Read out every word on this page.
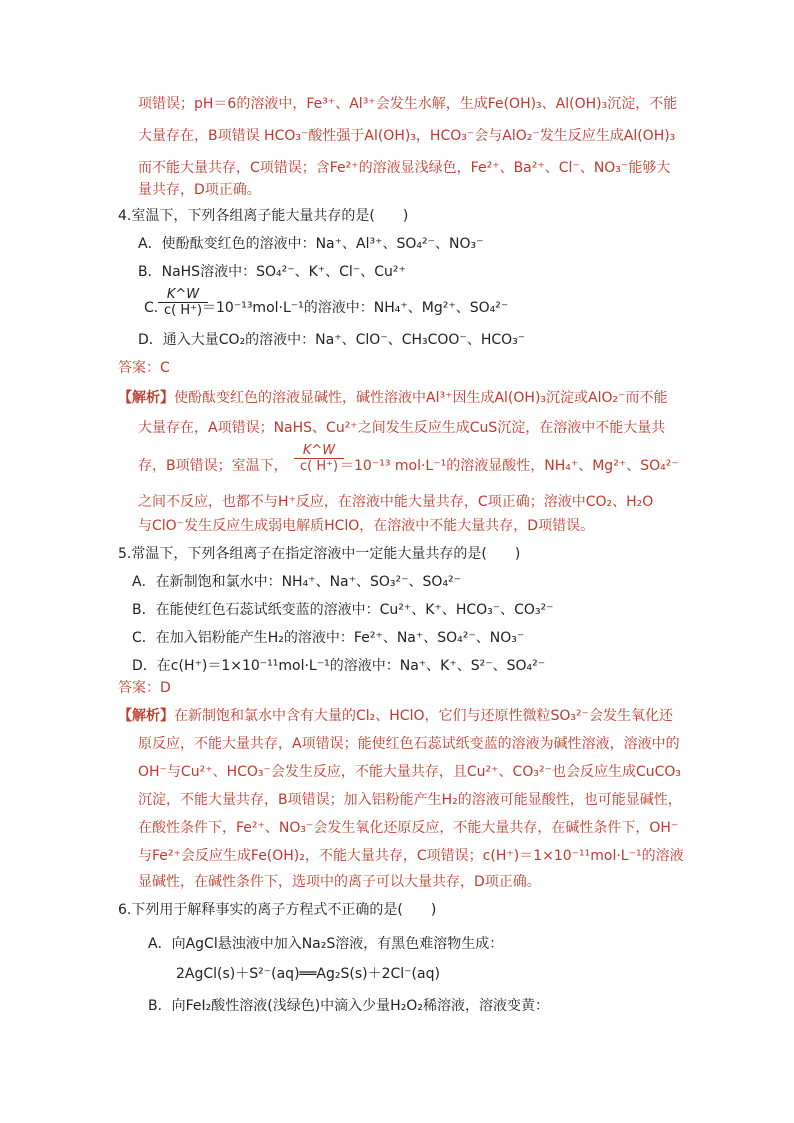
项错误；pH＝6的溶液中，Fe³⁺、Al³⁺会发生水解，生成Fe(OH)₃、Al(OH)₃沉淀，不能
大量存在，B项错误 HCO₃⁻酸性强于Al(OH)₃，HCO₃⁻会与AlO₂⁻发生反应生成Al(OH)₃
而不能大量共存，C项错误；含Fe²⁺的溶液显浅绿色，Fe²⁺、Ba²⁺、Cl⁻、NO₃⁻能够大
量共存，D项正确。
4.室温下，下列各组离子能大量共存的是(　　)
A．使酚酞变红色的溶液中：Na⁺、Al³⁺、SO₄²⁻、NO₃⁻
B．NaHS溶液中：SO₄²⁻、K⁺、Cl⁻、Cu²⁺
C. $\frac{K\^{}W}{c( H^+)}$
＝10⁻¹³mol·L⁻¹的溶液中：NH₄⁺、Mg²⁺、SO₄²⁻
D．通入大量CO₂的溶液中：Na⁺、ClO⁻、CH₃COO⁻、HCO₃⁻
答案：C
【解析】使酚酞变红色的溶液显碱性，碱性溶液中Al³⁺因生成Al(OH)₃沉淀或AlO₂⁻而不能
大量存在，A项错误；NaHS、Cu²⁺之间发生反应生成CuS沉淀，在溶液中不能大量共
存，B项错误；室温下， $\frac{K\^{}W}{c( H^+)}$
＝10⁻¹³ mol·L⁻¹的溶液显酸性，NH₄⁺、Mg²⁺、SO₄²⁻
之间不反应，也都不与H⁺反应，在溶液中能大量共存，C项正确；溶液中CO₂、H₂O
与ClO⁻发生反应生成弱电解质HClO，在溶液中不能大量共存，D项错误。
5.常温下，下列各组离子在指定溶液中一定能大量共存的是(　　)
A．在新制饱和氯水中：NH₄⁺、Na⁺、SO₃²⁻、SO₄²⁻
B．在能使红色石蕊试纸变蓝的溶液中：Cu²⁺、K⁺、HCO₃⁻、CO₃²⁻
C．在加入铝粉能产生H₂的溶液中：Fe²⁺、Na⁺、SO₄²⁻、NO₃⁻
D．在c(H⁺)＝1×10⁻¹¹mol·L⁻¹的溶液中：Na⁺、K⁺、S²⁻、SO₄²⁻
答案：D
【解析】在新制饱和氯水中含有大量的Cl₂、HClO，它们与还原性微粒SO₃²⁻会发生氧化还
原反应，不能大量共存，A项错误；能使红色石蕊试纸变蓝的溶液为碱性溶液，溶液中的
OH⁻与Cu²⁺、HCO₃⁻会发生反应，不能大量共存，且Cu²⁺、CO₃²⁻也会反应生成CuCO₃
沉淀，不能大量共存，B项错误；加入铝粉能产生H₂的溶液可能显酸性，也可能显碱性，
在酸性条件下，Fe²⁺、NO₃⁻会发生氧化还原反应，不能大量共存，在碱性条件下，OH⁻
与Fe²⁺会反应生成Fe(OH)₂，不能大量共存，C项错误；c(H⁺)＝1×10⁻¹¹mol·L⁻¹的溶液
显碱性，在碱性条件下，选项中的离子可以大量共存，D项正确。
6.下列用于解释事实的离子方程式不正确的是(　　)
A．向AgCl悬浊液中加入Na₂S溶液，有黑色难溶物生成：
2AgCl(s)＋S²⁻(aq)══Ag₂S(s)＋2Cl⁻(aq)
B．向FeI₂酸性溶液(浅绿色)中滴入少量H₂O₂稀溶液，溶液变黄：
